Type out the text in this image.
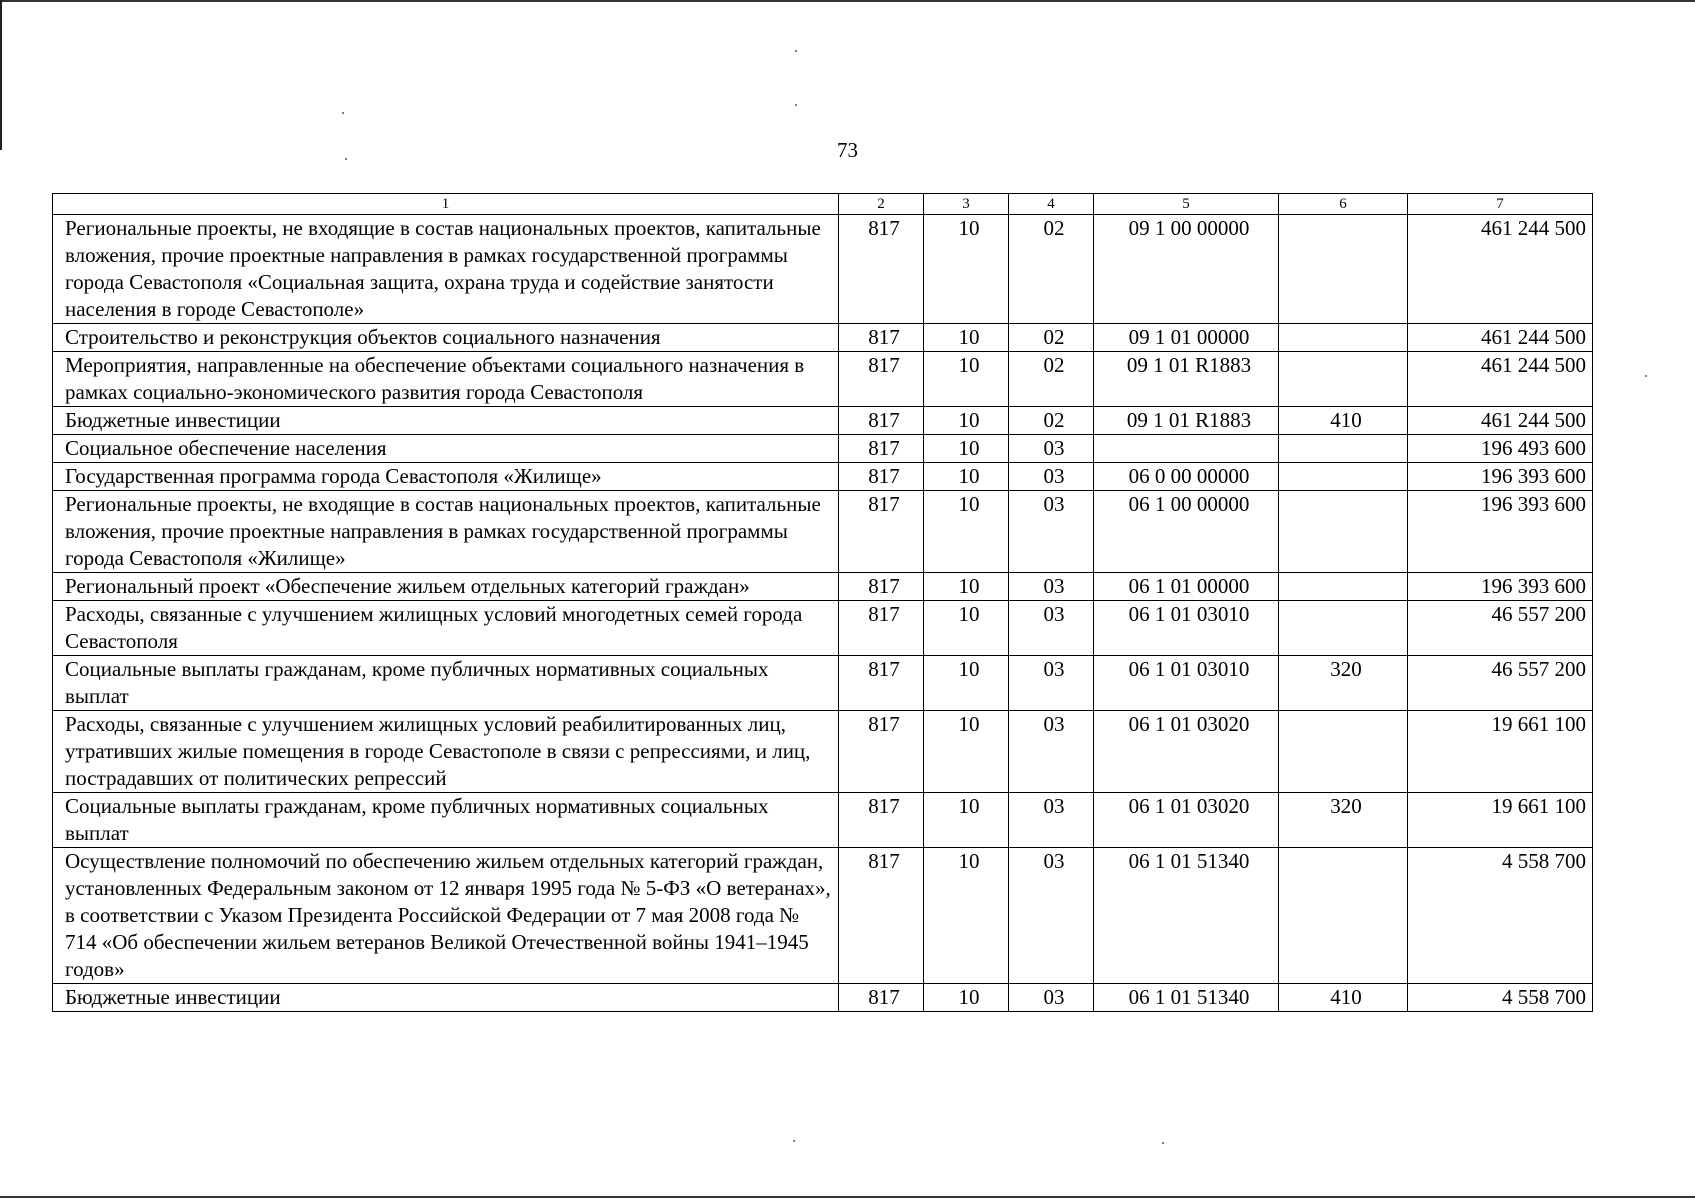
73
1	2	3	4	5	6	7
Региональные проекты, не входящие в состав национальных проектов, капитальные вложения, прочие проектные направления в рамках государственной программы города Севастополя «Социальная защита, охрана труда и содействие занятости населения в городе Севастополе»	817	10	02	09 1 00 00000		461 244 500
Строительство и реконструкция объектов социального назначения	817	10	02	09 1 01 00000		461 244 500
Мероприятия, направленные на обеспечение объектами социального назначения в рамках социально-экономического развития города Севастополя	817	10	02	09 1 01 R1883		461 244 500
Бюджетные инвестиции	817	10	02	09 1 01 R1883	410	461 244 500
Социальное обеспечение населения	817	10	03			196 493 600
Государственная программа города Севастополя «Жилище»	817	10	03	06 0 00 00000		196 393 600
Региональные проекты, не входящие в состав национальных проектов, капитальные вложения, прочие проектные направления в рамках государственной программы города Севастополя «Жилище»	817	10	03	06 1 00 00000		196 393 600
Региональный проект «Обеспечение жильем отдельных категорий граждан»	817	10	03	06 1 01 00000		196 393 600
Расходы, связанные с улучшением жилищных условий многодетных семей города Севастополя	817	10	03	06 1 01 03010		46 557 200
Социальные выплаты гражданам, кроме публичных нормативных социальных выплат	817	10	03	06 1 01 03010	320	46 557 200
Расходы, связанные с улучшением жилищных условий реабилитированных лиц, утративших жилые помещения в городе Севастополе в связи с репрессиями, и лиц, пострадавших от политических репрессий	817	10	03	06 1 01 03020		19 661 100
Социальные выплаты гражданам, кроме публичных нормативных социальных выплат	817	10	03	06 1 01 03020	320	19 661 100
Осуществление полномочий по обеспечению жильем отдельных категорий граждан, установленных Федеральным законом от 12 января 1995 года № 5-ФЗ «О ветеранах», в соответствии с Указом Президента Российской Федерации от 7 мая 2008 года № 714 «Об обеспечении жильем ветеранов Великой Отечественной войны 1941–1945 годов»	817	10	03	06 1 01 51340		4 558 700
Бюджетные инвестиции	817	10	03	06 1 01 51340	410	4 558 700
